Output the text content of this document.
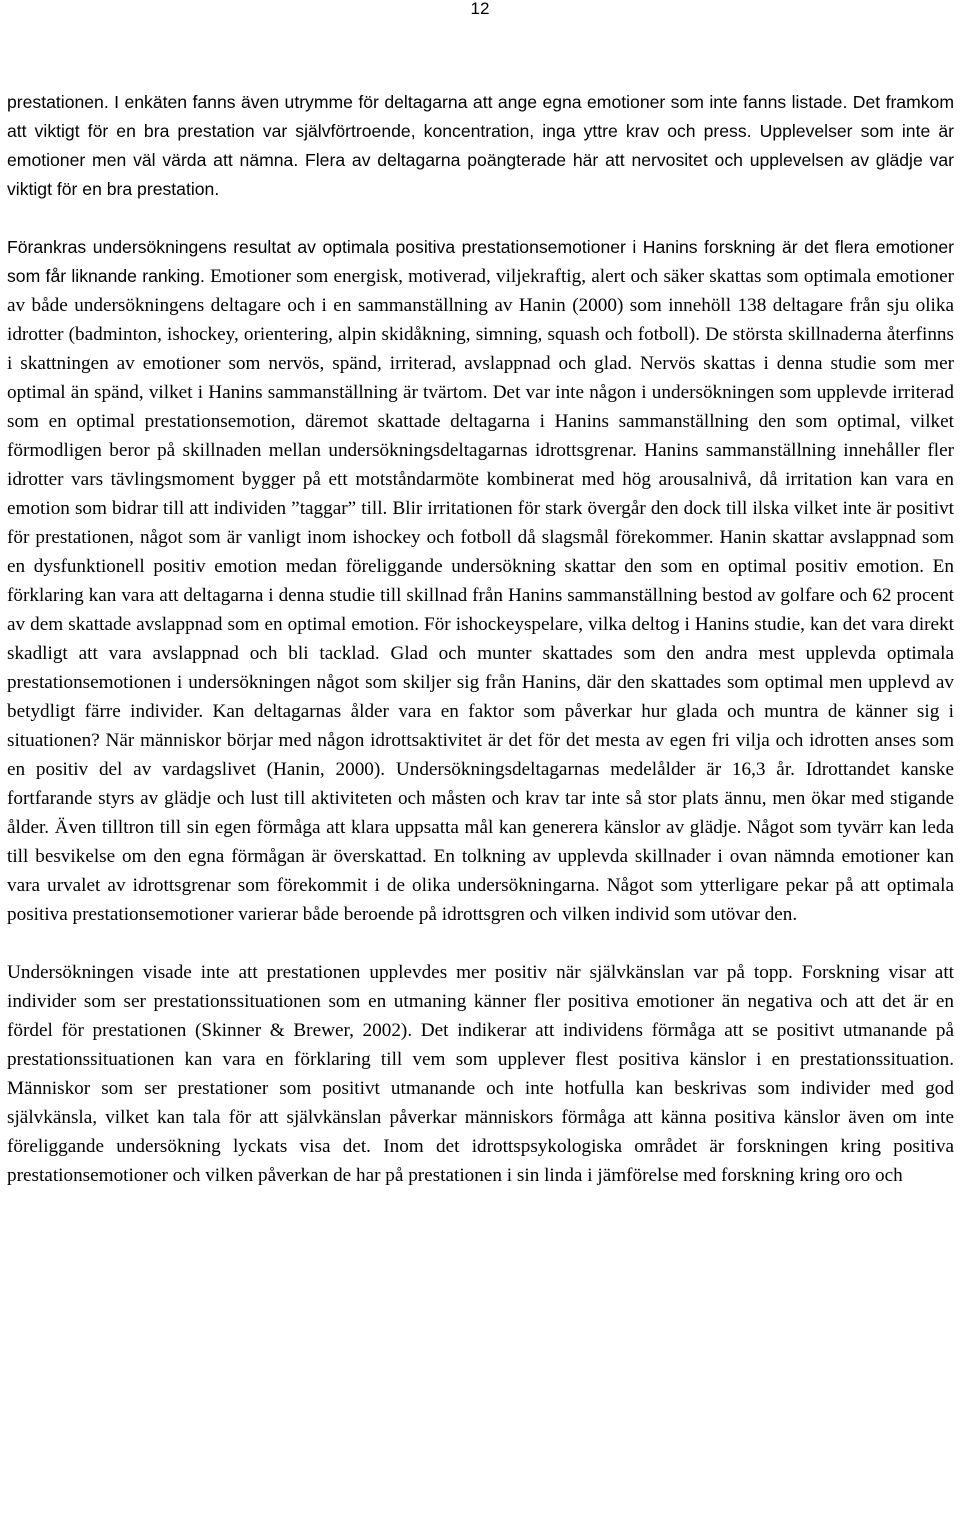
12

prestationen. I enkäten fanns även utrymme för deltagarna att ange egna emotioner som inte fanns listade. Det framkom att viktigt för en bra prestation var självförtroende, koncentration, inga yttre krav och press. Upplevelser som inte är emotioner men väl värda att nämna. Flera av deltagarna poängterade här att nervositet och upplevelsen av glädje var viktigt för en bra prestation.

Förankras undersökningens resultat av optimala positiva prestationsemotioner i Hanins forskning är det flera emotioner som får liknande ranking. Emotioner som energisk, motiverad, viljekraftig, alert och säker skattas som optimala emotioner av både undersökningens deltagare och i en sammanställning av Hanin (2000) som innehöll 138 deltagare från sju olika idrotter (badminton, ishockey, orientering, alpin skidåkning, simning, squash och fotboll). De största skillnaderna återfinns i skattningen av emotioner som nervös, spänd, irriterad, avslappnad och glad. Nervös skattas i denna studie som mer optimal än spänd, vilket i Hanins sammanställning är tvärtom. Det var inte någon i undersökningen som upplevde irriterad som en optimal prestationsemotion, däremot skattade deltagarna i Hanins sammanställning den som optimal, vilket förmodligen beror på skillnaden mellan undersökningsdeltagarnas idrottsgrenar. Hanins sammanställning innehåller fler idrotter vars tävlingsmoment bygger på ett motståndarmöte kombinerat med hög arousalnivå, då irritation kan vara en emotion som bidrar till att individen ”taggar” till. Blir irritationen för stark övergår den dock till ilska vilket inte är positivt för prestationen, något som är vanligt inom ishockey och fotboll då slagsmål förekommer. Hanin skattar avslappnad som en dysfunktionell positiv emotion medan föreliggande undersökning skattar den som en optimal positiv emotion. En förklaring kan vara att deltagarna i denna studie till skillnad från Hanins sammanställning bestod av golfare och 62 procent av dem skattade avslappnad som en optimal emotion. För ishockeyspelare, vilka deltog i Hanins studie, kan det vara direkt skadligt att vara avslappnad och bli tacklad. Glad och munter skattades som den andra mest upplevda optimala prestationsemotionen i undersökningen något som skiljer sig från Hanins, där den skattades som optimal men upplevd av betydligt färre individer. Kan deltagarnas ålder vara en faktor som påverkar hur glada och muntra de känner sig i situationen? När människor börjar med någon idrottsaktivitet är det för det mesta av egen fri vilja och idrotten anses som en positiv del av vardagslivet (Hanin, 2000). Undersökningsdeltagarnas medelålder är 16,3 år. Idrottandet kanske fortfarande styrs av glädje och lust till aktiviteten och måsten och krav tar inte så stor plats ännu, men ökar med stigande ålder. Även tilltron till sin egen förmåga att klara uppsatta mål kan generera känslor av glädje. Något som tyvärr kan leda till besvikelse om den egna förmågan är överskattad. En tolkning av upplevda skillnader i ovan nämnda emotioner kan vara urvalet av idrottsgrenar som förekommit i de olika undersökningarna. Något som ytterligare pekar på att optimala positiva prestationsemotioner varierar både beroende på idrottsgren och vilken individ som utövar den.

Undersökningen visade inte att prestationen upplevdes mer positiv när självkänslan var på topp. Forskning visar att individer som ser prestationssituationen som en utmaning känner fler positiva emotioner än negativa och att det är en fördel för prestationen (Skinner & Brewer, 2002). Det indikerar att individens förmåga att se positivt utmanande på prestationssituationen kan vara en förklaring till vem som upplever flest positiva känslor i en prestationssituation. Människor som ser prestationer som positivt utmanande och inte hotfulla kan beskrivas som individer med god självkänsla, vilket kan tala för att självkänslan påverkar människors förmåga att känna positiva känslor även om inte föreliggande undersökning lyckats visa det. Inom det idrottspsykologiska området är forskningen kring positiva prestationsemotioner och vilken påverkan de har på prestationen i sin linda i jämförelse med forskning kring oro och
